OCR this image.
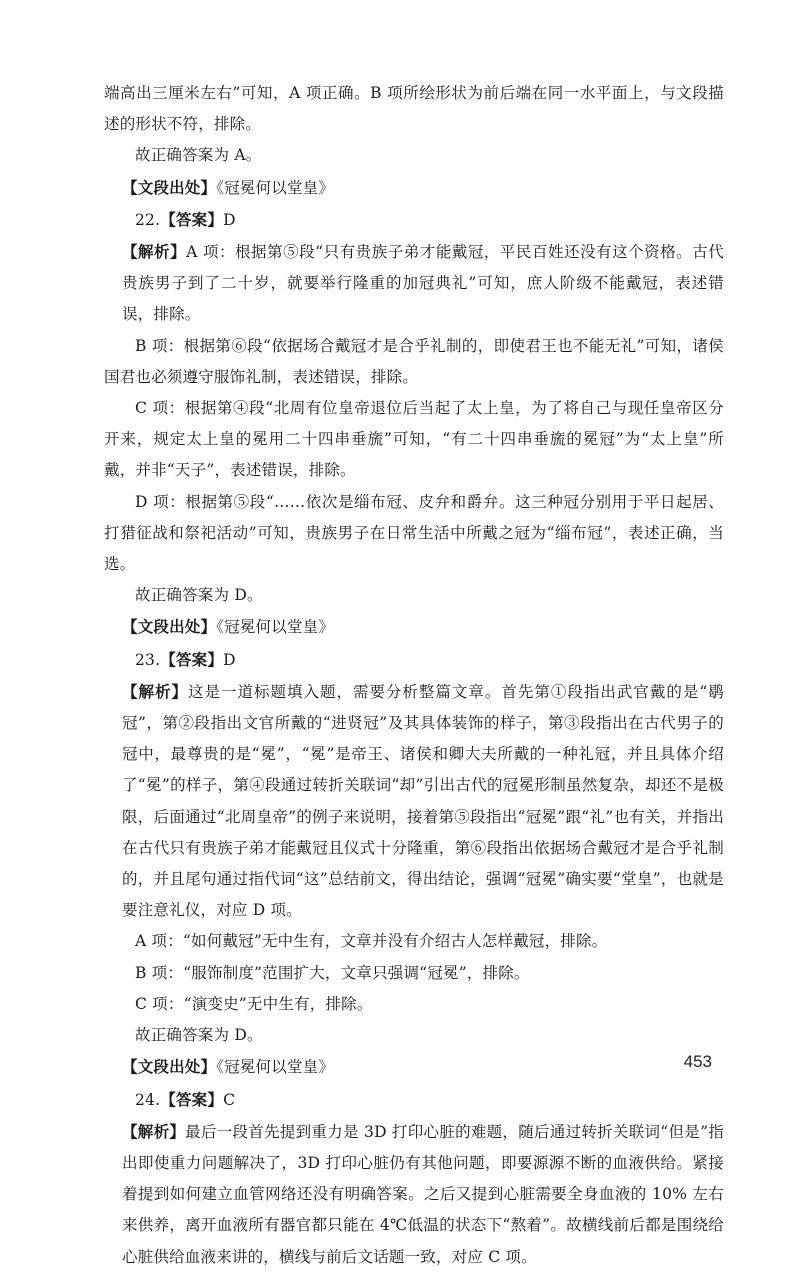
端高出三厘米左右”可知，A 项正确。B 项所绘形状为前后端在同一水平面上，与文段描述的形状不符，排除。

故正确答案为 A。

【文段出处】《冠冕何以堂皇》

22.【答案】D

【解析】A 项：根据第⑤段“只有贵族子弟才能戴冠，平民百姓还没有这个资格。古代贵族男子到了二十岁，就要举行隆重的加冠典礼”可知，庶人阶级不能戴冠，表述错误，排除。

B 项：根据第⑥段“依据场合戴冠才是合乎礼制的，即使君王也不能无礼”可知，诸侯国君也必须遵守服饰礼制，表述错误，排除。

C 项：根据第④段“北周有位皇帝退位后当起了太上皇，为了将自己与现任皇帝区分开来，规定太上皇的冕用二十四串垂旒”可知，“有二十四串垂旒的冕冠”为“太上皇”所戴，并非“天子”，表述错误，排除。

D 项：根据第⑤段“……依次是缁布冠、皮弁和爵弁。这三种冠分别用于平日起居、打猎征战和祭祀活动”可知，贵族男子在日常生活中所戴之冠为“缁布冠”，表述正确，当选。

故正确答案为 D。

【文段出处】《冠冕何以堂皇》

23.【答案】D

【解析】这是一道标题填入题，需要分析整篇文章。首先第①段指出武官戴的是“鹖冠”，第②段指出文官所戴的“进贤冠”及其具体装饰的样子，第③段指出在古代男子的冠中，最尊贵的是“冕”，“冕”是帝王、诸侯和卿大夫所戴的一种礼冠，并且具体介绍了“冕”的样子，第④段通过转折关联词“却”引出古代的冠冕形制虽然复杂，却还不是极限，后面通过“北周皇帝”的例子来说明，接着第⑤段指出“冠冕”跟“礼”也有关，并指出在古代只有贵族子弟才能戴冠且仪式十分隆重，第⑥段指出依据场合戴冠才是合乎礼制的，并且尾句通过指代词“这”总结前文，得出结论，强调“冠冕”确实要“堂皇”，也就是要注意礼仪，对应 D 项。

A 项：“如何戴冠”无中生有，文章并没有介绍古人怎样戴冠，排除。

B 项：“服饰制度”范围扩大，文章只强调“冠冕”，排除。

C 项：“演变史”无中生有，排除。

故正确答案为 D。

【文段出处】《冠冕何以堂皇》

24.【答案】C

【解析】最后一段首先提到重力是 3D 打印心脏的难题，随后通过转折关联词“但是”指出即使重力问题解决了，3D 打印心脏仍有其他问题，即要源源不断的血液供给。紧接着提到如何建立血管网络还没有明确答案。之后又提到心脏需要全身血液的 10% 左右来供养，离开血液所有器官都只能在 4℃低温的状态下“熬着”。故横线前后都是围绕给心脏供给血液来讲的，横线与前后文话题一致，对应 C 项。

453
